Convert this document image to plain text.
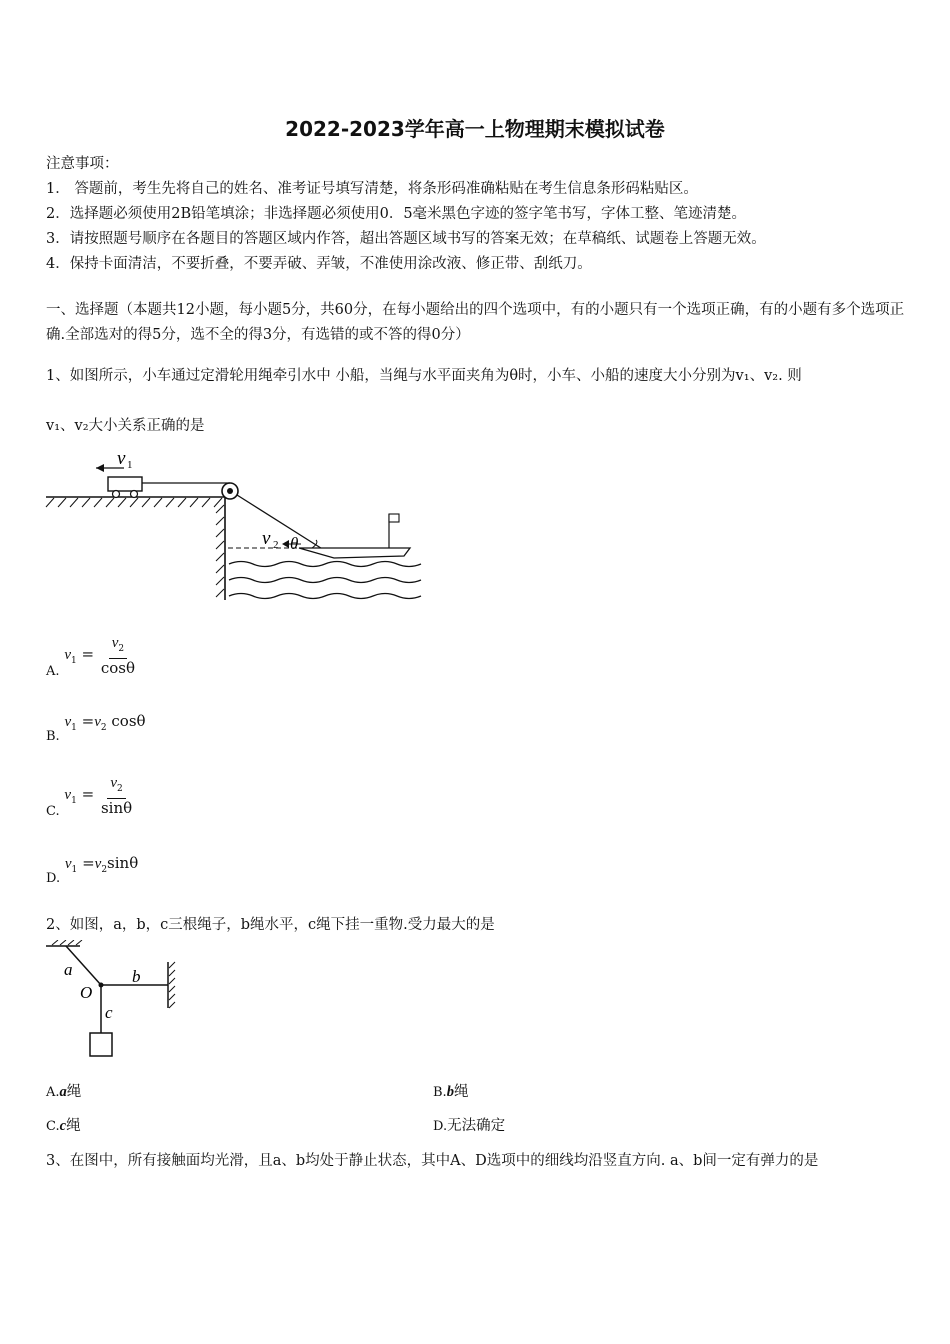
2022-2023学年高一上物理期末模拟试卷
注意事项：
1． 答题前，考生先将自己的姓名、准考证号填写清楚，将条形码准确粘贴在考生信息条形码粘贴区。
2．选择题必须使用2B铅笔填涂；非选择题必须使用0．5毫米黑色字迹的签字笔书写，字体工整、笔迹清楚。
3．请按照题号顺序在各题目的答题区域内作答，超出答题区域书写的答案无效；在草稿纸、试题卷上答题无效。
4．保持卡面清洁，不要折叠，不要弄破、弄皱，不准使用涂改液、修正带、刮纸刀。
一、选择题（本题共12小题，每小题5分，共60分，在每小题给出的四个选项中，有的小题只有一个选项正确，有的小题有多个选项正确.全部选对的得5分，选不全的得3分，有选错的或不答的得0分）
1、如图所示，小车通过定滑轮用绳牵引水中 小船，当绳与水平面夹角为θ时，小车、小船的速度大小分别为v₁、v₂. 则
v₁、v₂大小关系正确的是
v 1
v 2 θ
A. $v_1 = \frac{v_2}{\cos\theta}$
B. $v_1 =v_2$ cosθ
C. $v_1 = \frac{v_2}{\sin\theta}$
D. $v_1 =v_2\sin\theta$
2、如图，a，b，c三根绳子，b绳水平，c绳下挂一重物.受力最大的是
a	b
O
c
A.a绳	B.b绳
C.c绳	D.无法确定
3、在图中，所有接触面均光滑，且a、b均处于静止状态，其中A、D选项中的细线均沿竖直方向. a、b间一定有弹力的是
